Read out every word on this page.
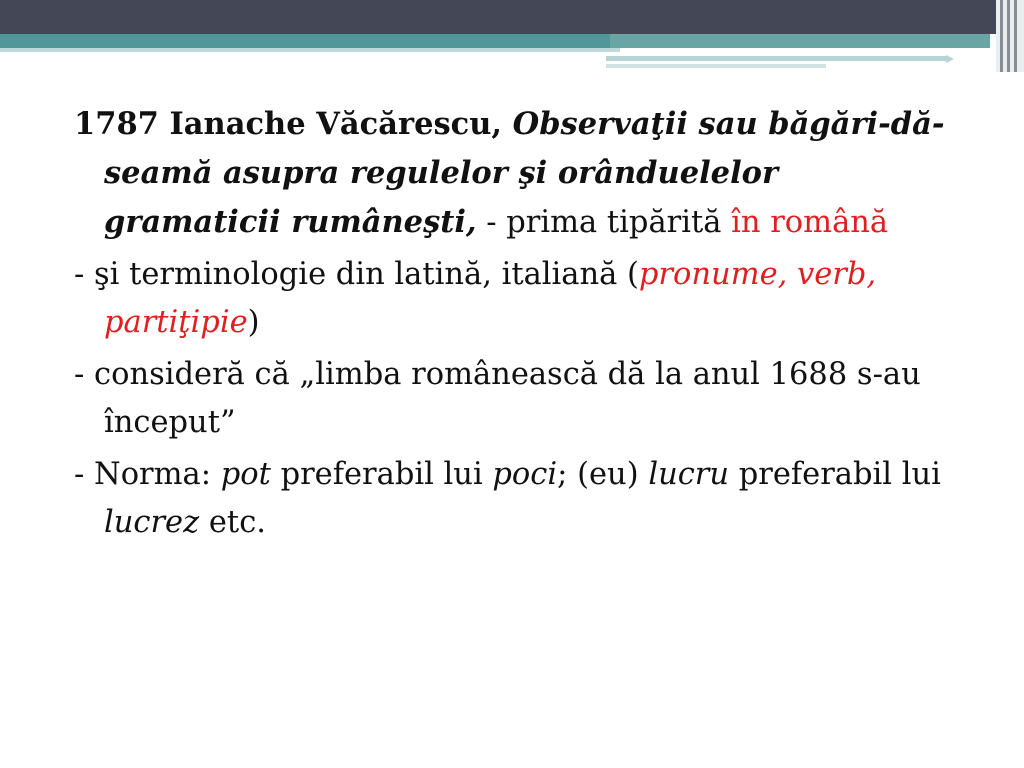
1787 Ianache Văcărescu, Observaţii sau băgări-dă-seamă asupra regulelor şi orânduelelor gramaticii rumâneşti, - prima tipărită în română

- şi terminologie din latină, italiană (pronume, verb, partiţipie)

- consideră că „limba românească dă la anul 1688 s-au început”

- Norma: pot preferabil lui poci; (eu) lucru preferabil lui lucrez etc.
